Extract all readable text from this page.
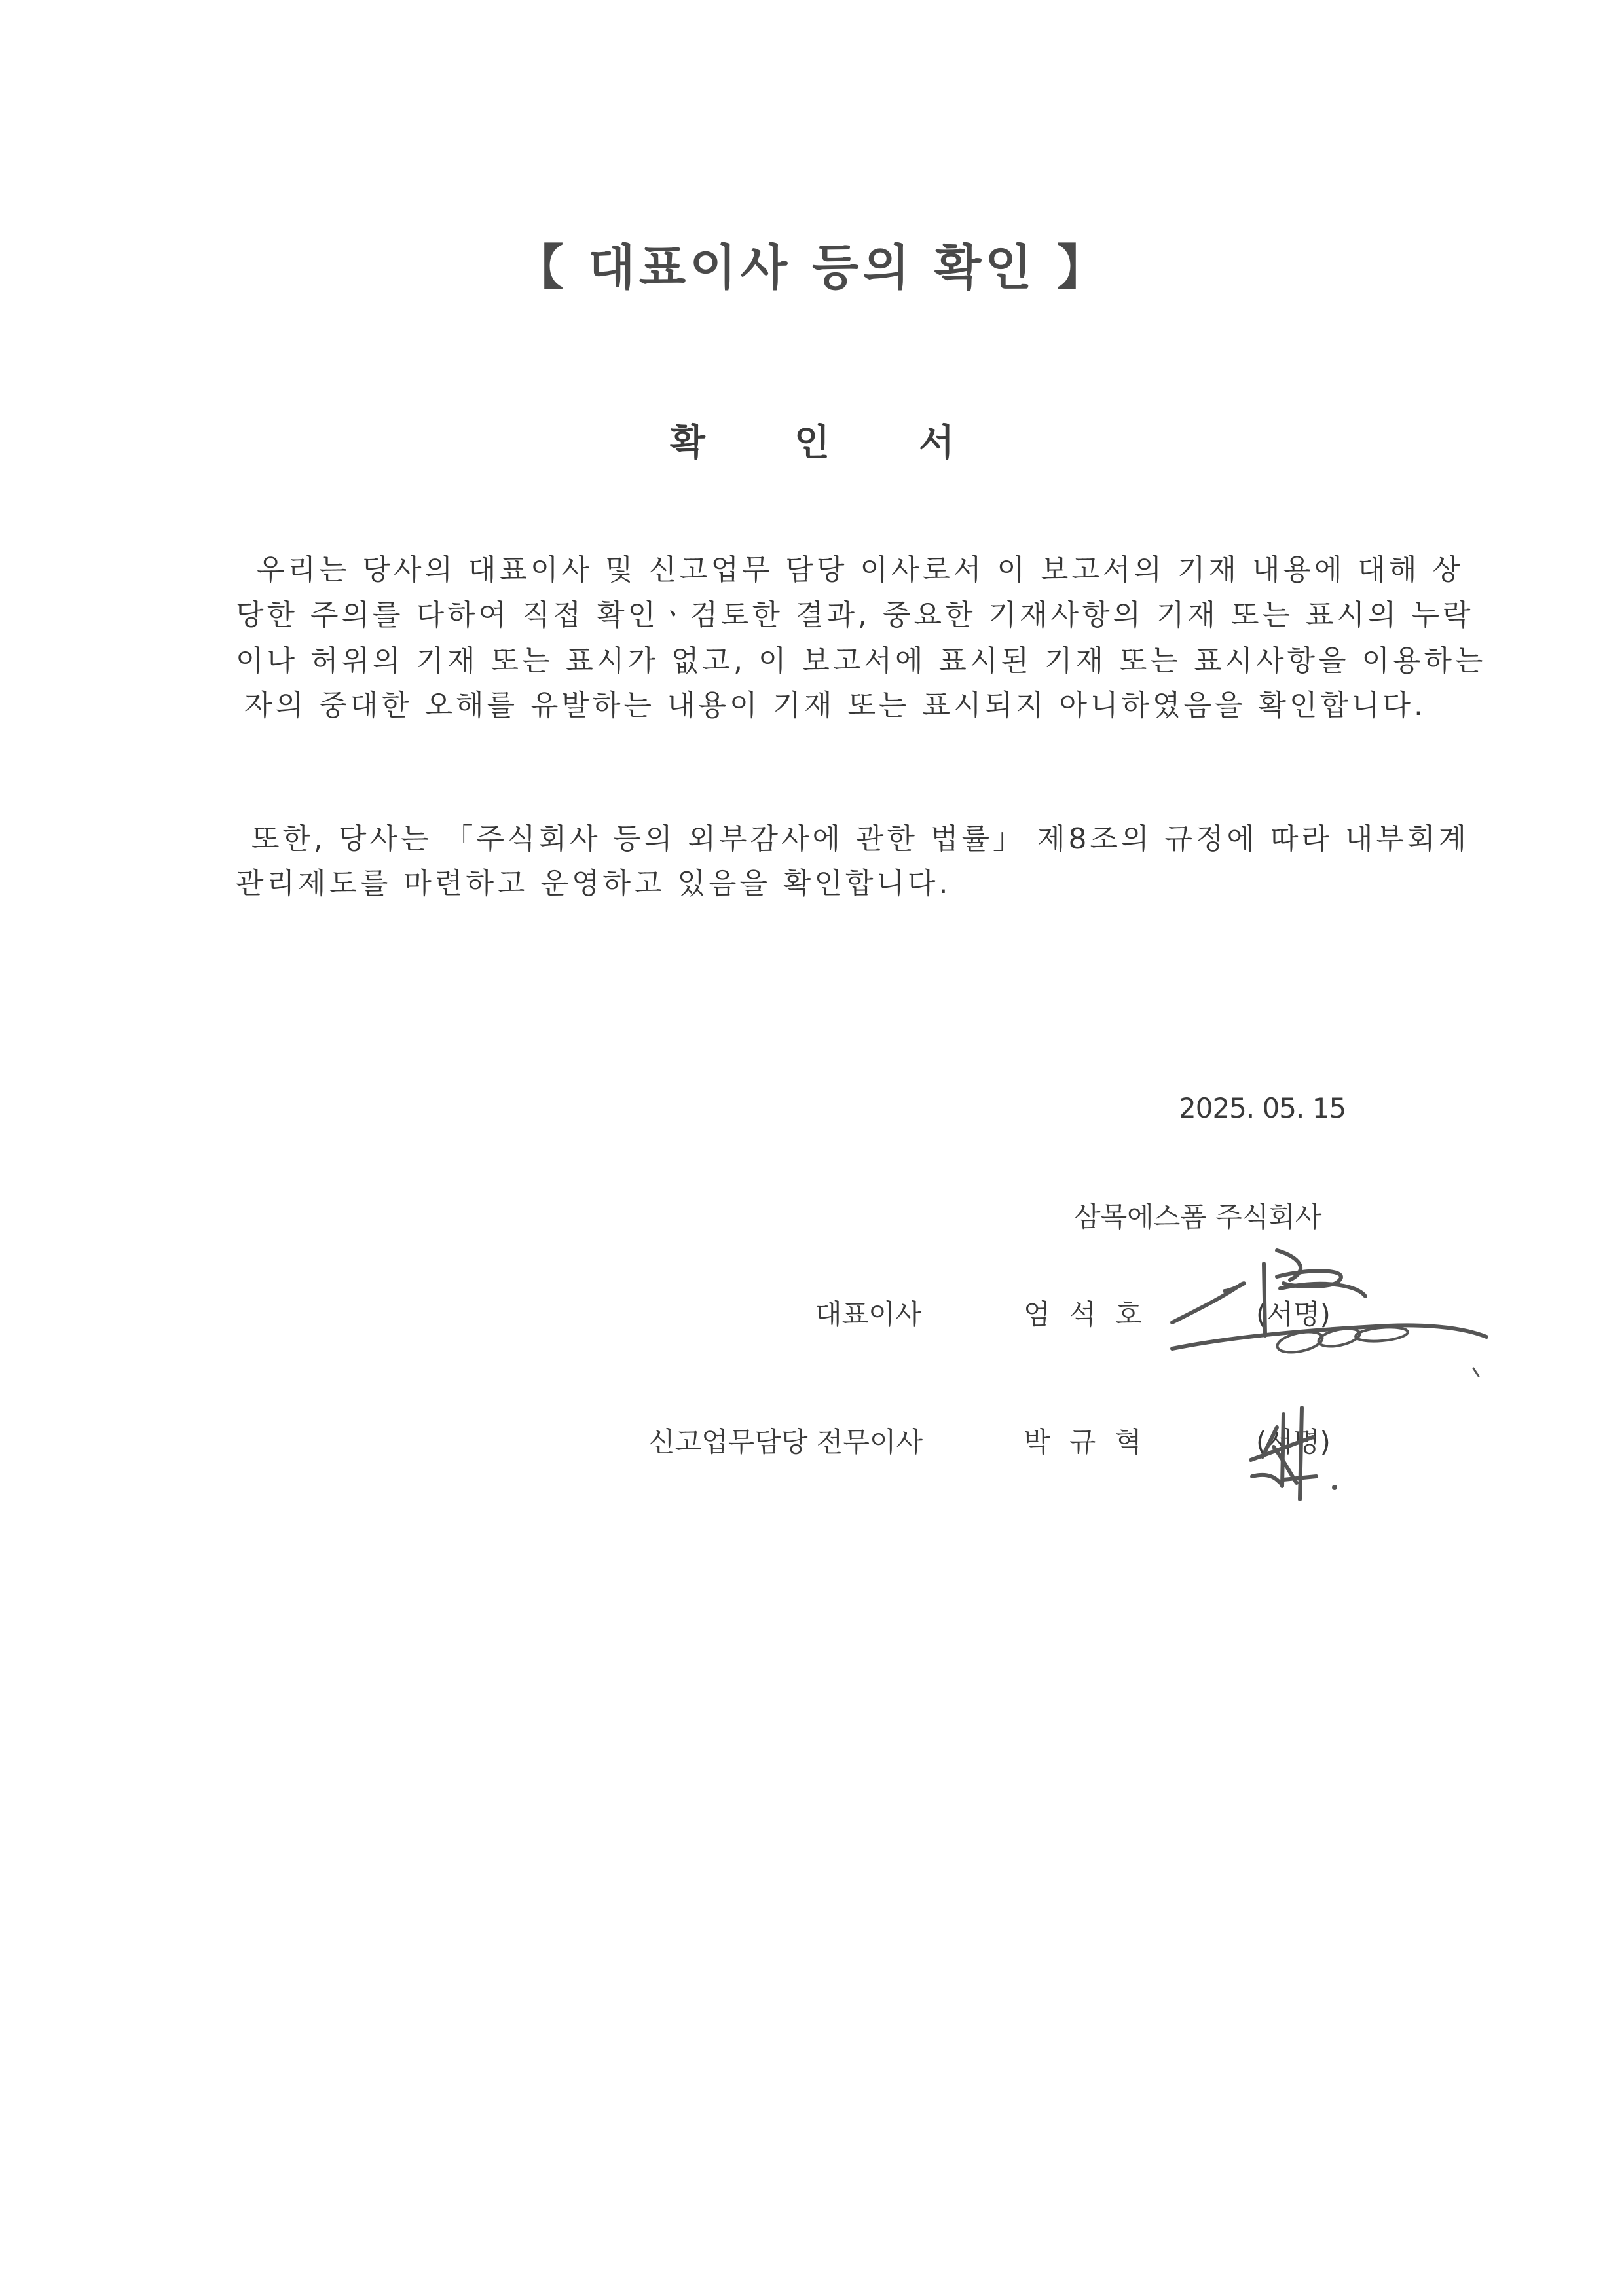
【 대표이사 등의 확인 】
확 인 서
우리는 당사의 대표이사 및 신고업무 담당 이사로서 이 보고서의 기재 내용에 대해 상
당한 주의를 다하여 직접 확인ㆍ검토한 결과, 중요한 기재사항의 기재 또는 표시의 누락
이나 허위의 기재 또는 표시가 없고, 이 보고서에 표시된 기재 또는 표시사항을 이용하는
자의 중대한 오해를 유발하는 내용이 기재 또는 표시되지 아니하였음을 확인합니다.
또한, 당사는 「주식회사 등의 외부감사에 관한 법률」 제8조의 규정에 따라 내부회계
관리제도를 마련하고 운영하고 있음을 확인합니다.
2025. 05. 15
삼목에스폼 주식회사
대표이사	엄 석 호	(서명)
신고업무담당 전무이사	박 규 혁	(서명)
